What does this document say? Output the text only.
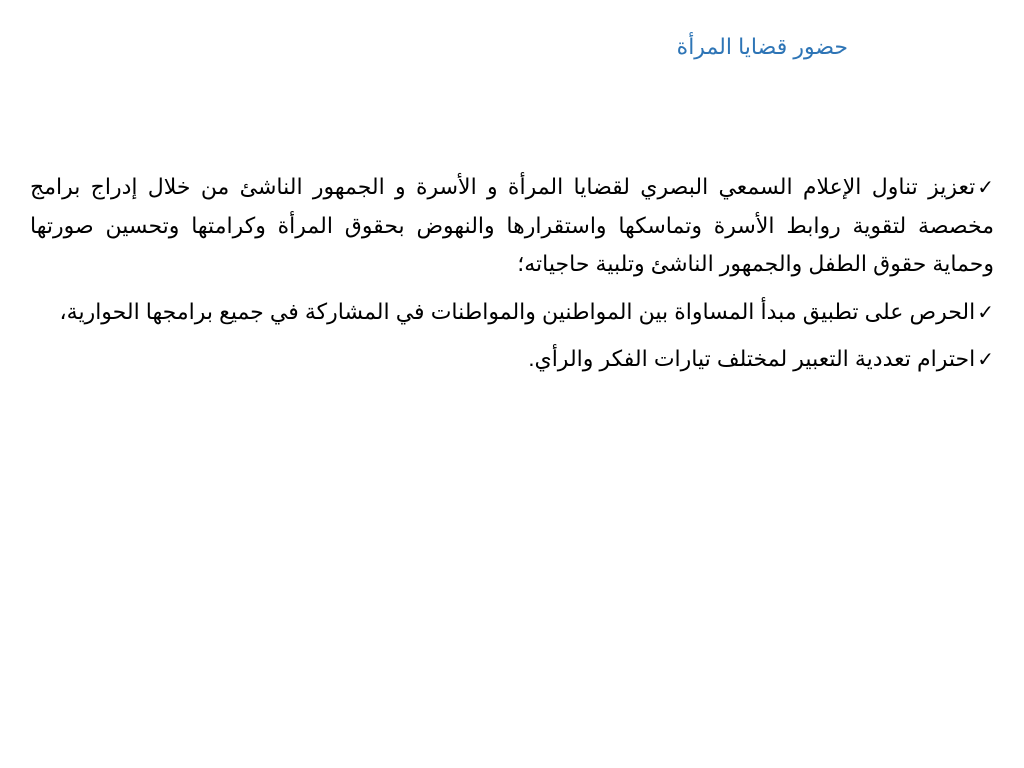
حضور قضايا المرأة
✓تعزيز تناول الإعلام السمعي البصري لقضايا المرأة و الأسرة و الجمهور الناشئ من خلال إدراج برامج مخصصة لتقوية روابط الأسرة وتماسكها واستقرارها والنهوض بحقوق المرأة وكرامتها وتحسين صورتها وحماية حقوق الطفل والجمهور الناشئ وتلبية حاجياته؛
✓الحرص على تطبيق مبدأ المساواة بين المواطنين والمواطنات في المشاركة في جميع برامجها الحوارية،
✓احترام تعددية التعبير لمختلف تيارات الفكر والرأي.
